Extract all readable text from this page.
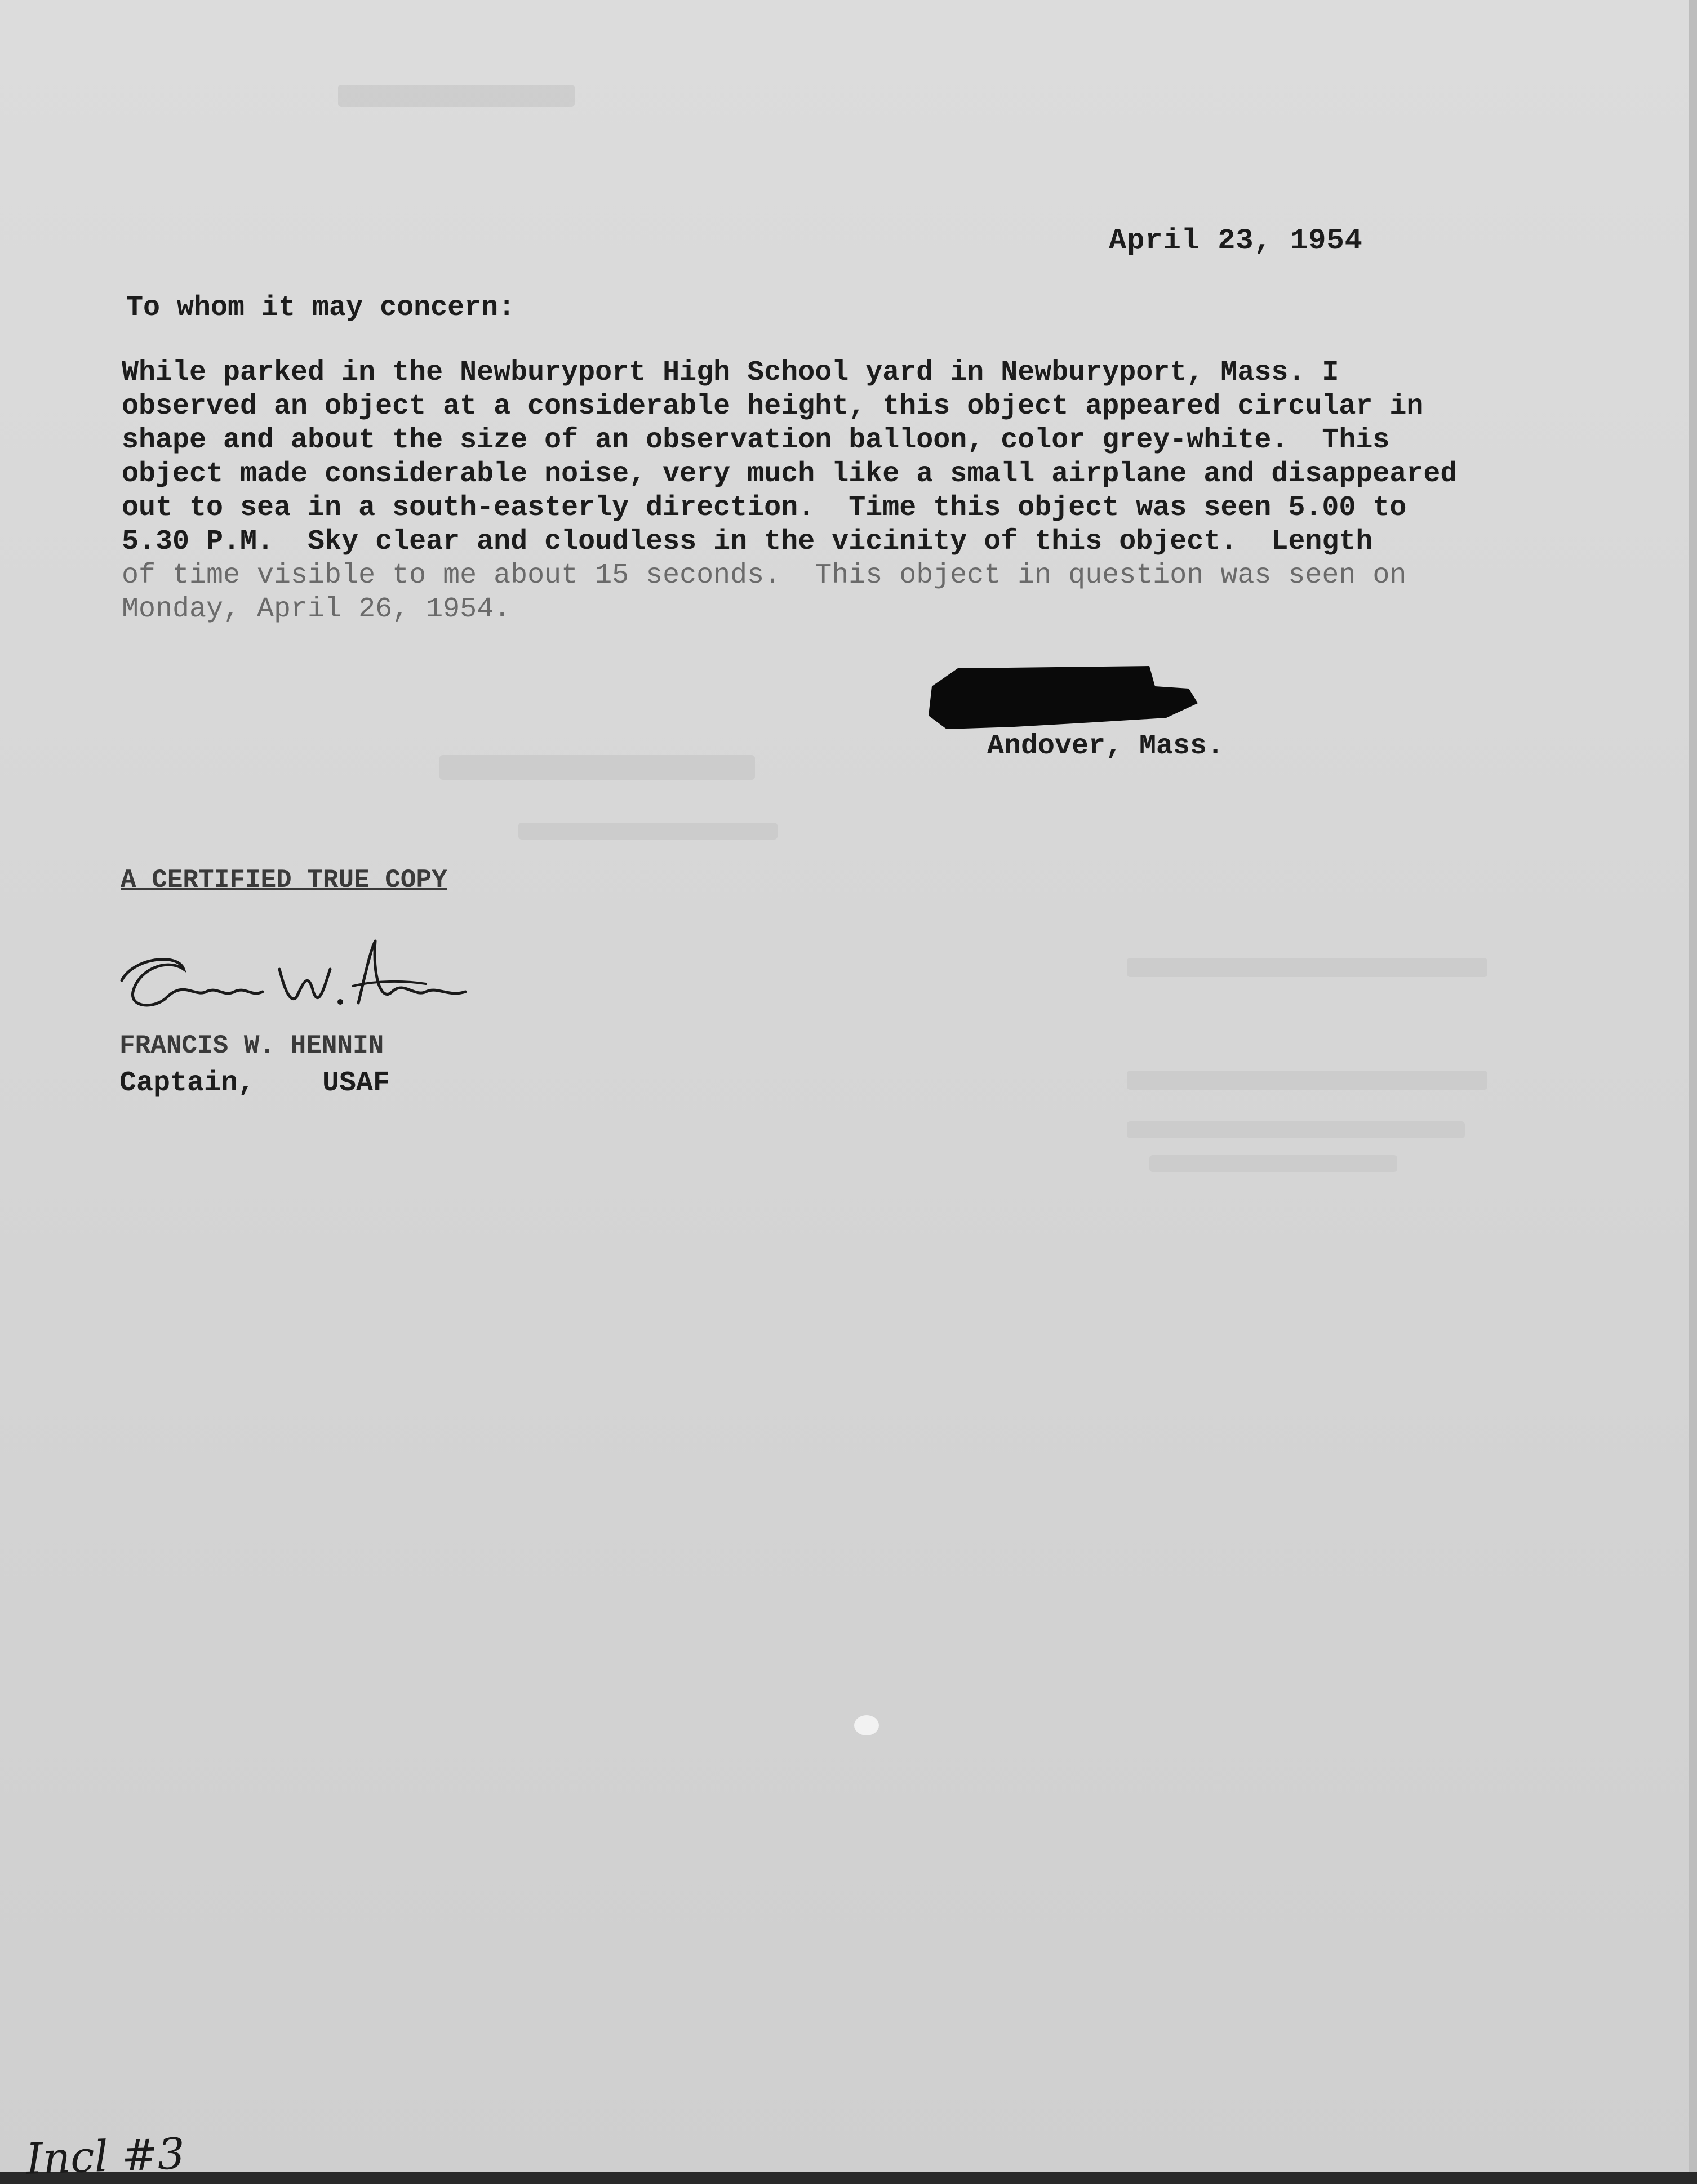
April 23, 1954
To whom it may concern:
While parked in the Newburyport High School yard in Newburyport, Mass. I
observed an object at a considerable height, this object appeared circular in
shape and about the size of an observation balloon, color grey-white.  This
object made considerable noise, very much like a small airplane and disappeared
out to sea in a south-easterly direction.  Time this object was seen 5.00 to
5.30 P.M.  Sky clear and cloudless in the vicinity of this object.  Length
of time visible to me about 15 seconds.  This object in question was seen on
Monday, April 26, 1954.
Andover, Mass.
A CERTIFIED TRUE COPY
FRANCIS W. HENNIN
Captain, USAF
Incl #3
